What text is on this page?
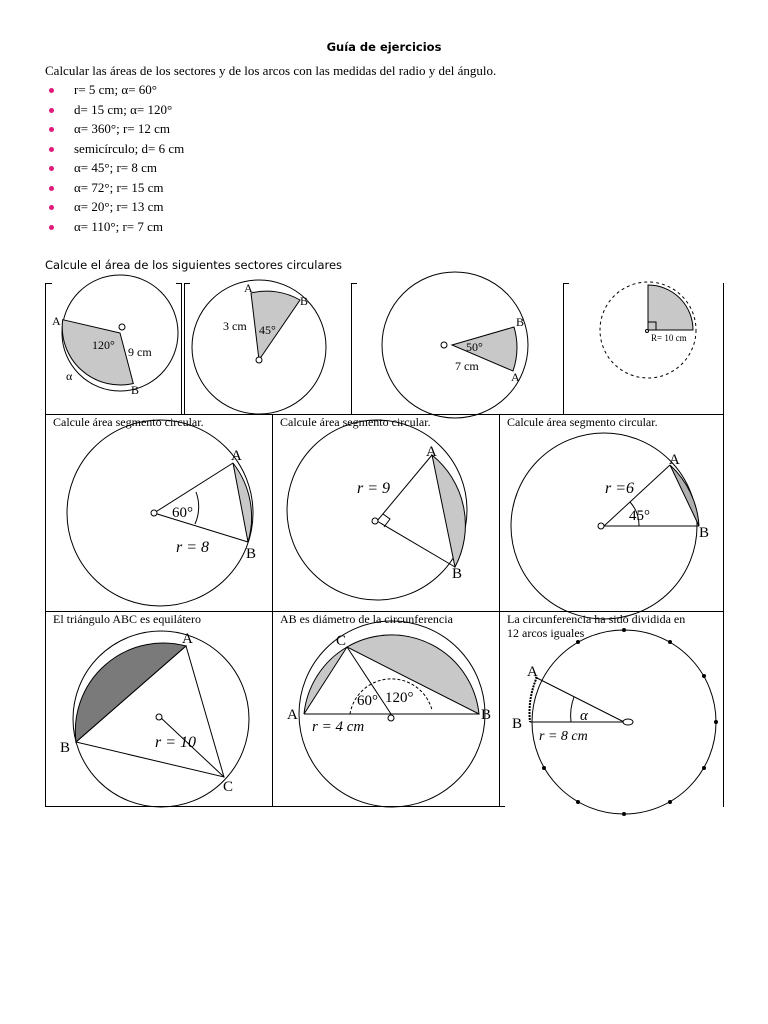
Guía de ejercicios
Calcular las áreas de los sectores y de los arcos con las medidas del radio y del ángulo.
r= 5 cm; α= 60°
d= 15 cm; α= 120°
α= 360°; r= 12 cm
semicírculo; d= 6 cm
α= 45°; r= 8 cm
α= 72°; r= 15 cm
α= 20°; r= 13 cm
α= 110°; r= 7 cm
Calcule el área de los siguientes sectores circulares
A
B
120° 9 cm
α
A
B
3 cm 45°
B
A
50°
7 cm
R= 10 cm
A
B
60°
r = 8
A
B
r = 9
A
B
r =6
45°
A
B
C
r = 10
C
A	B
60° 120°
r = 4 cm
A
B	α
r = 8 cm
Calcule área segmento circular.	Calcule área segmento circular.	Calcule área segmento circular.
El triángulo ABC es equilátero	AB es diámetro de la circunferencia	La circunferencia ha sido dividida en
12 arcos iguales
